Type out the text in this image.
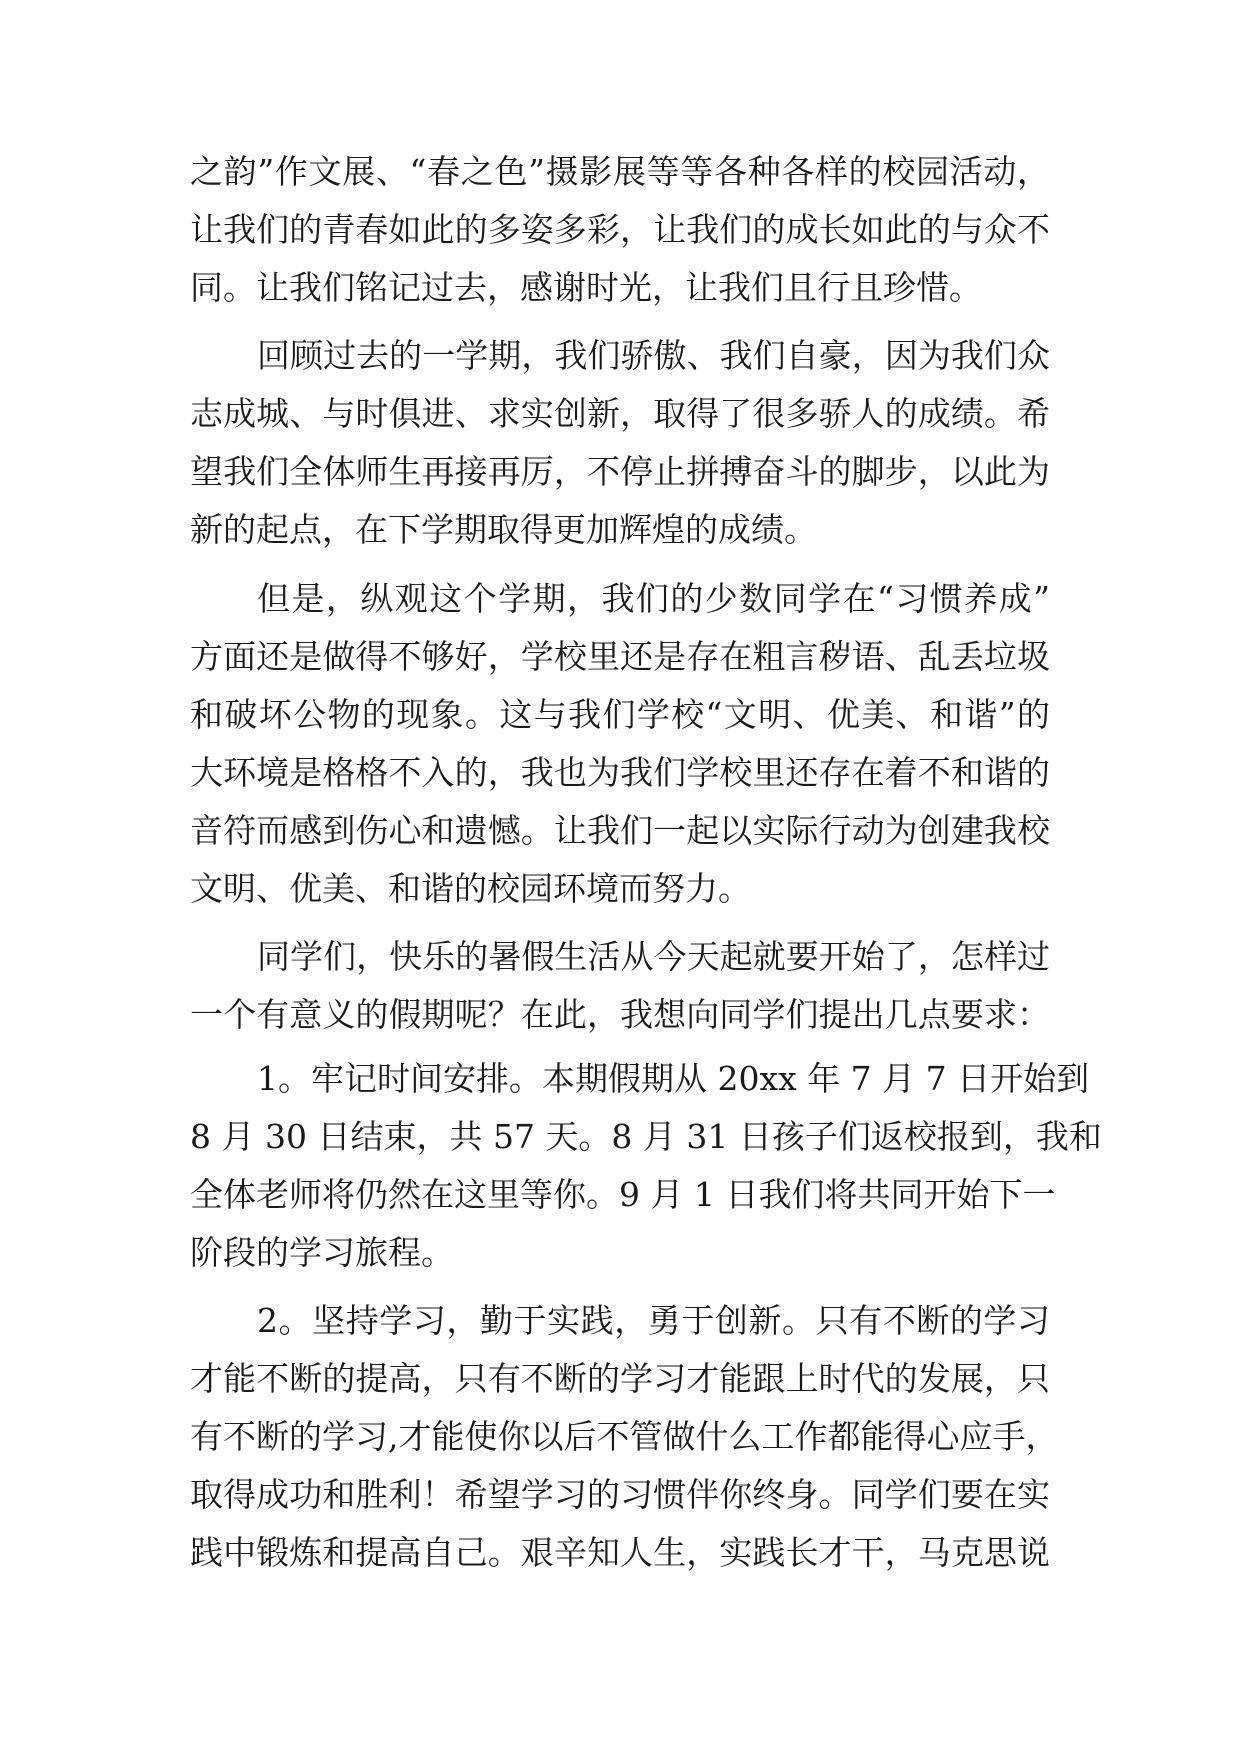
之韵”作文展、“春之色”摄影展等等各种各样的校园活动，
让我们的青春如此的多姿多彩，让我们的成长如此的与众不
同。让我们铭记过去，感谢时光，让我们且行且珍惜。
回顾过去的一学期，我们骄傲、我们自豪，因为我们众
志成城、与时俱进、求实创新，取得了很多骄人的成绩。希
望我们全体师生再接再厉，不停止拼搏奋斗的脚步，以此为
新的起点，在下学期取得更加辉煌的成绩。
但是，纵观这个学期，我们的少数同学在“习惯养成”
方面还是做得不够好，学校里还是存在粗言秽语、乱丢垃圾
和破坏公物的现象。这与我们学校“文明、优美、和谐”的
大环境是格格不入的，我也为我们学校里还存在着不和谐的
音符而感到伤心和遗憾。让我们一起以实际行动为创建我校
文明、优美、和谐的校园环境而努力。
同学们，快乐的暑假生活从今天起就要开始了，怎样过
一个有意义的假期呢？在此，我想向同学们提出几点要求：
1。牢记时间安排。本期假期从 20xx 年 7 月 7 日开始到
8 月 30 日结束，共 57 天。8 月 31 日孩子们返校报到，我和
全体老师将仍然在这里等你。9 月 1 日我们将共同开始下一
阶段的学习旅程。
2。坚持学习，勤于实践，勇于创新。只有不断的学习
才能不断的提高，只有不断的学习才能跟上时代的发展，只
有不断的学习,才能使你以后不管做什么工作都能得心应手，
取得成功和胜利！希望学习的习惯伴你终身。同学们要在实
践中锻炼和提高自己。艰辛知人生，实践长才干，马克思说
